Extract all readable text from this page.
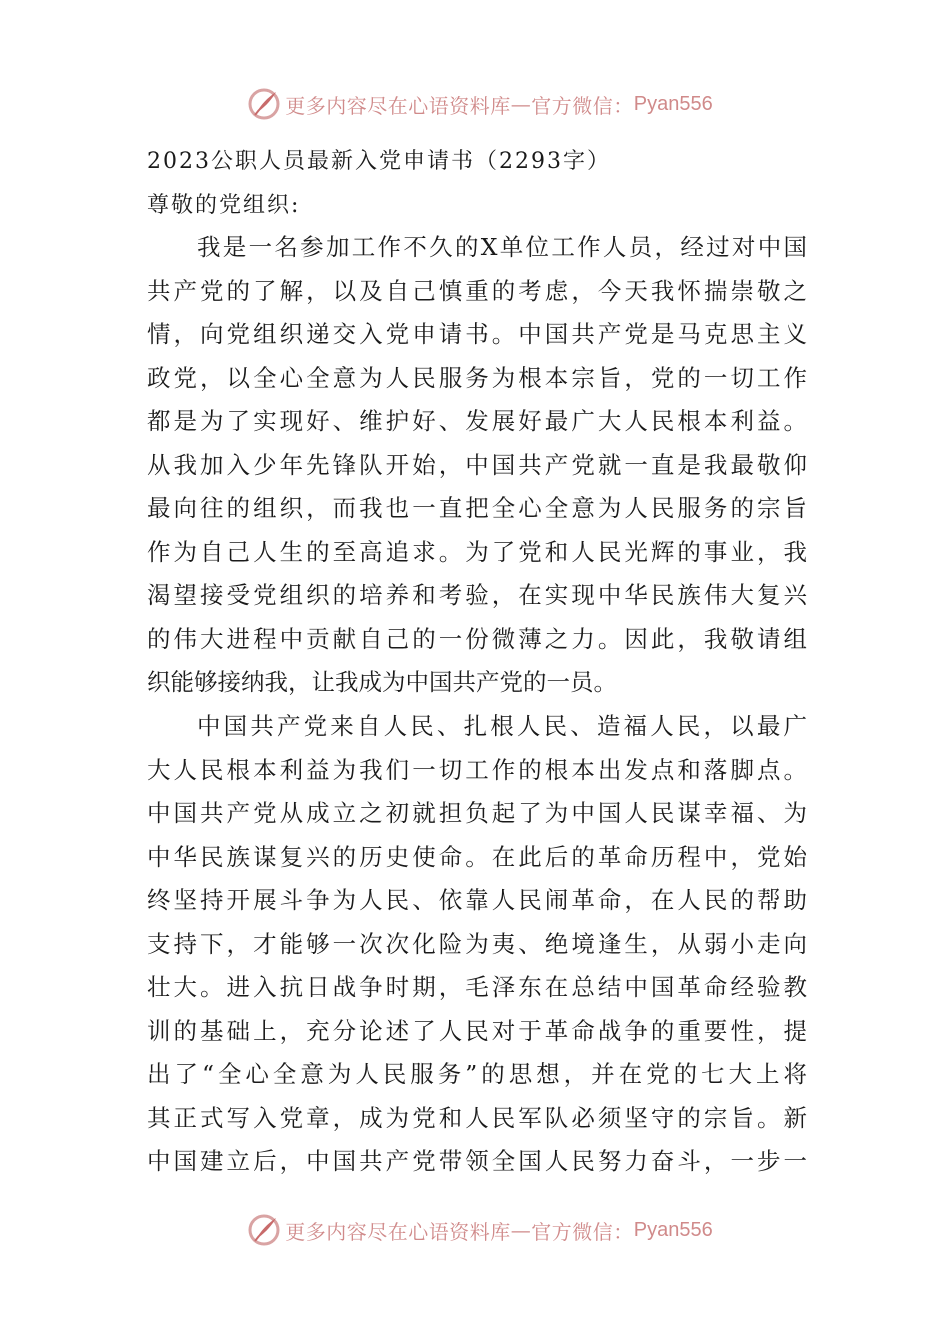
更多内容尽在心语资料库 — 官方微信： Pyan556
2023公职人员最新入党申请书（2293字）
尊敬的党组织:
我是一名参加工作不久的X单位工作人员，经过对中国
共产党的了解，以及自己慎重的考虑，今天我怀揣崇敬之
情，向党组织递交入党申请书。中国共产党是马克思主义
政党，以全心全意为人民服务为根本宗旨，党的一切工作
都是为了实现好、维护好、发展好最广大人民根本利益。
从我加入少年先锋队开始，中国共产党就一直是我最敬仰
最向往的组织，而我也一直把全心全意为人民服务的宗旨
作为自己人生的至高追求。为了党和人民光辉的事业，我
渴望接受党组织的培养和考验，在实现中华民族伟大复兴
的伟大进程中贡献自己的一份微薄之力。因此，我敬请组
织能够接纳我，让我成为中国共产党的一员。
中国共产党来自人民、扎根人民、造福人民，以最广
大人民根本利益为我们一切工作的根本出发点和落脚点。
中国共产党从成立之初就担负起了为中国人民谋幸福、为
中华民族谋复兴的历史使命。在此后的革命历程中，党始
终坚持开展斗争为人民、依靠人民闹革命，在人民的帮助
支持下，才能够一次次化险为夷、绝境逢生，从弱小走向
壮大。进入抗日战争时期，毛泽东在总结中国革命经验教
训的基础上，充分论述了人民对于革命战争的重要性，提
出了“全心全意为人民服务”的思想，并在党的七大上将
其正式写入党章，成为党和人民军队必须坚守的宗旨。新
中国建立后，中国共产党带领全国人民努力奋斗，一步一
更多内容尽在心语资料库 — 官方微信： Pyan556
